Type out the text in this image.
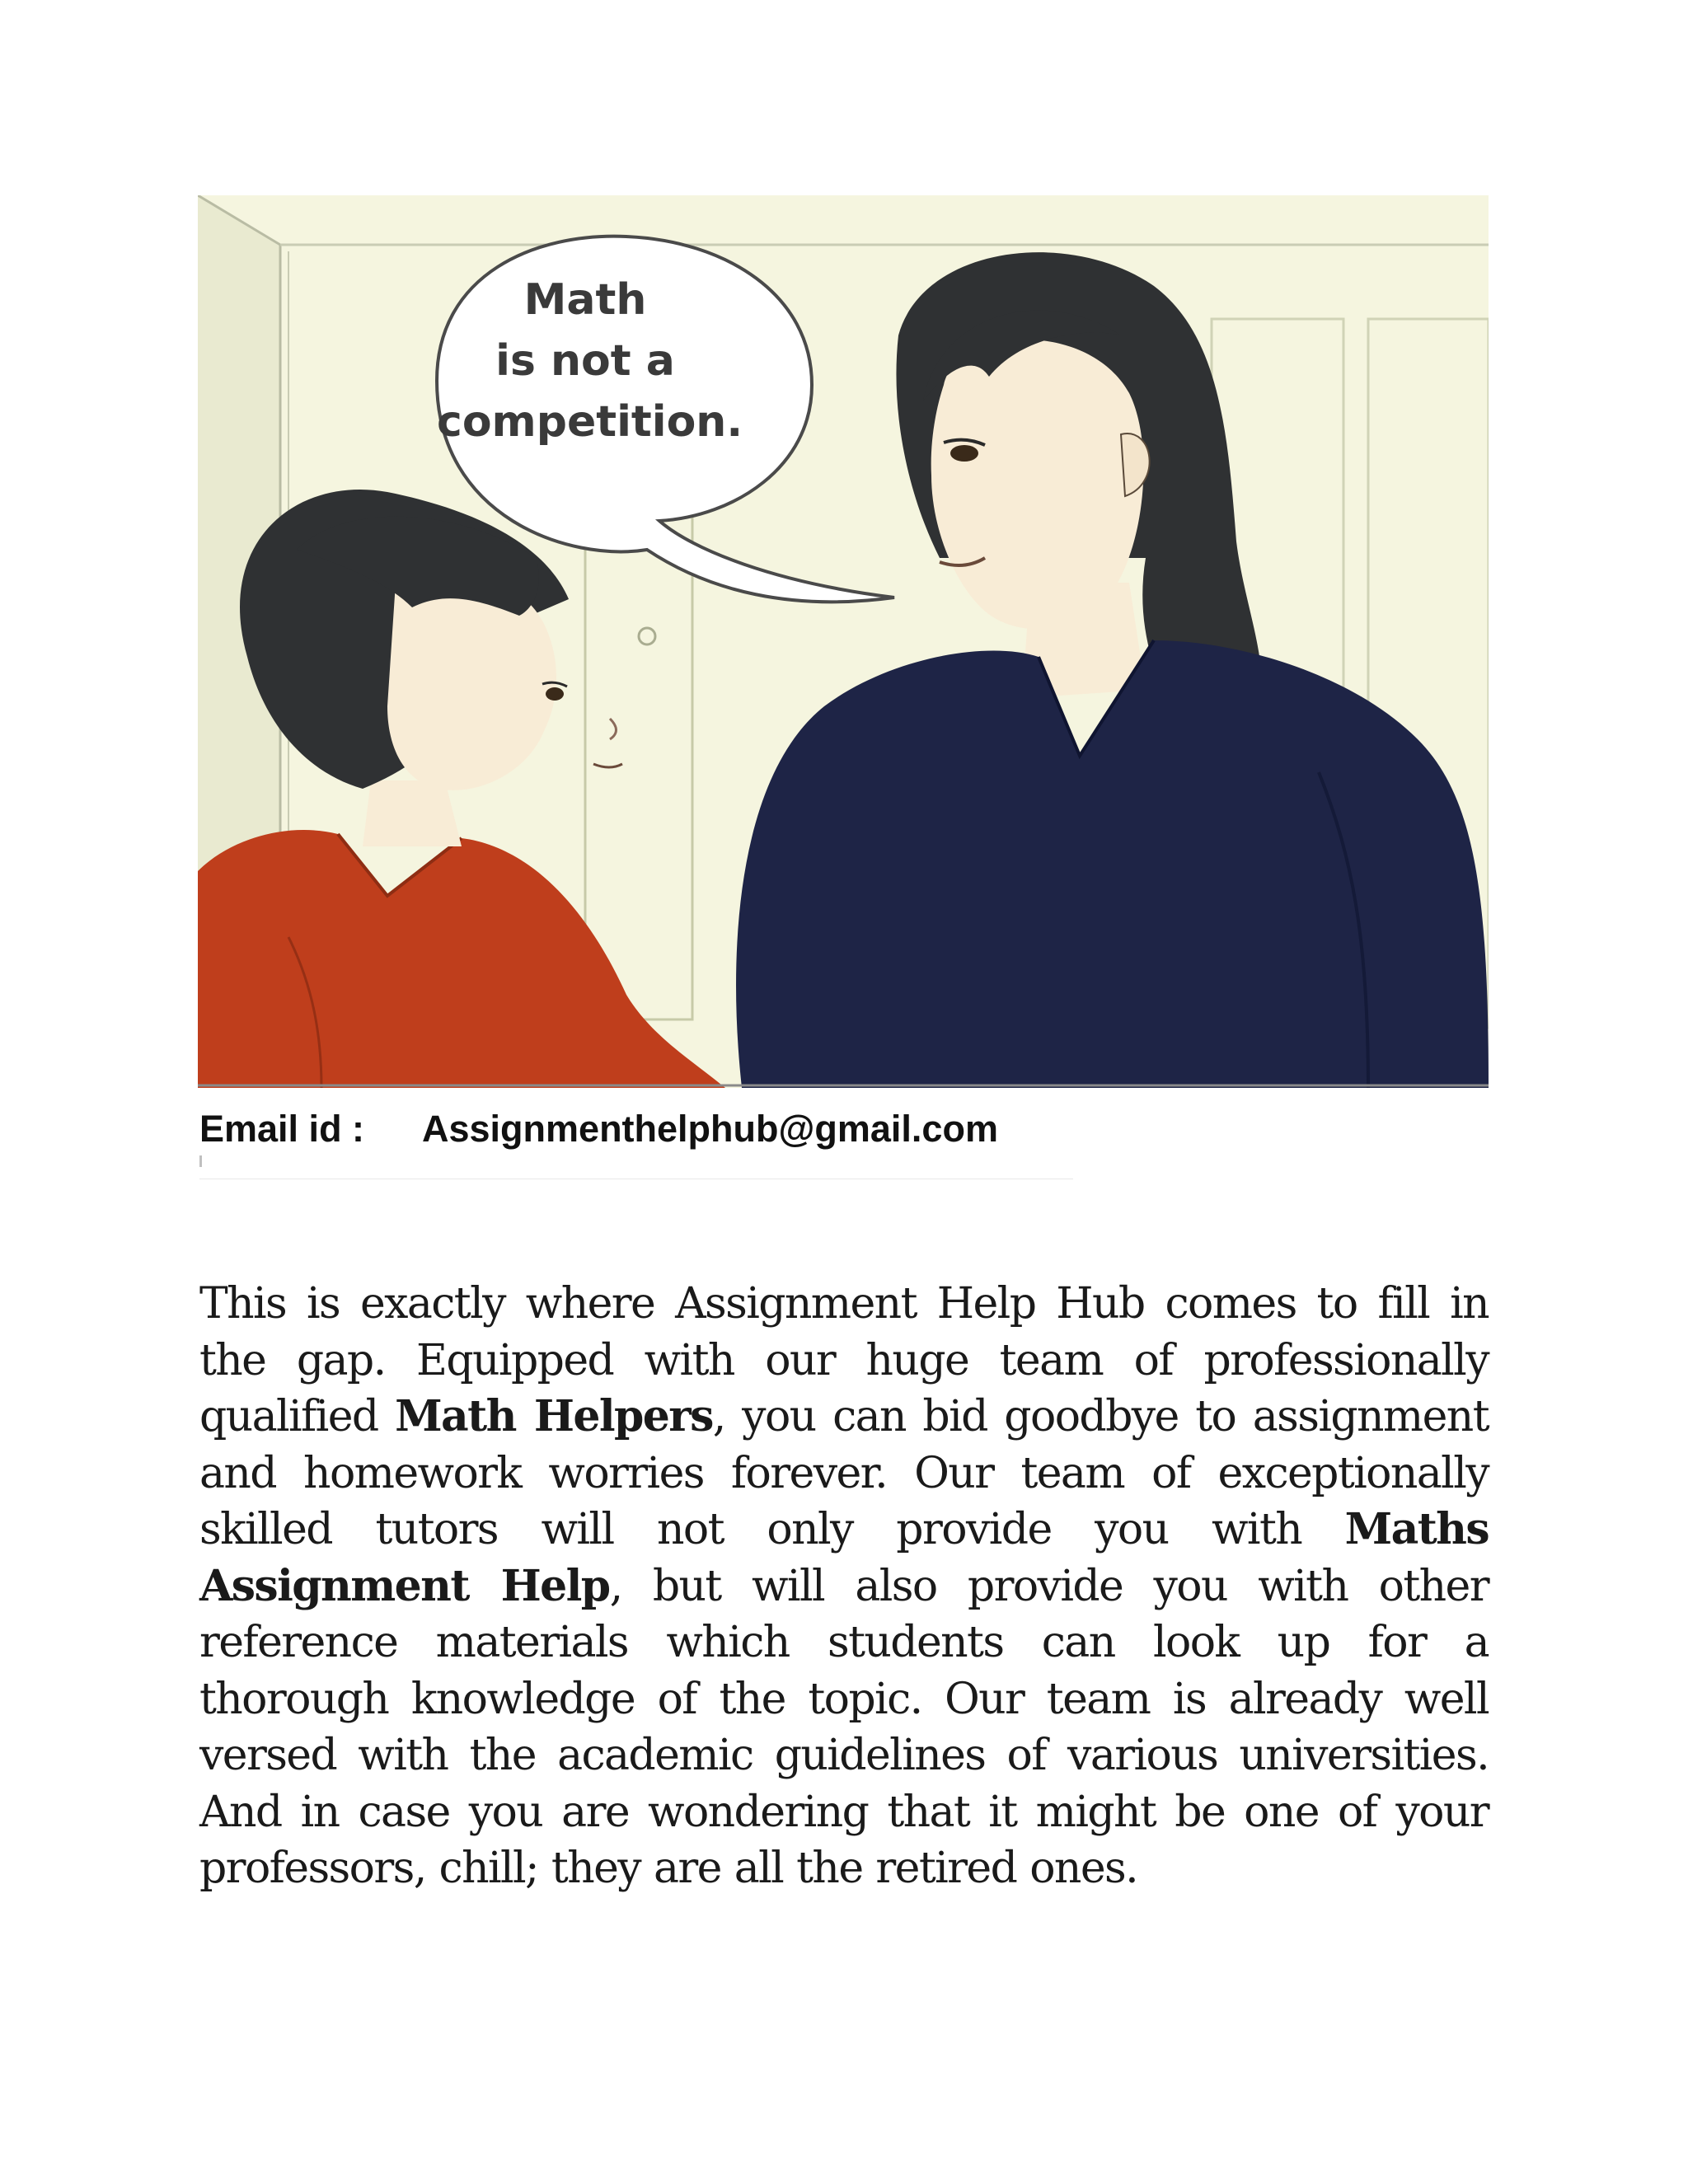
Math
is not a
competition.
Email id :	Assignmenthelphub@gmail.com

This is exactly where Assignment Help Hub comes to fill in the gap. Equipped with our huge team of professionally qualified Math Helpers, you can bid goodbye to assignment and homework worries forever. Our team of exceptionally skilled tutors will not only provide you with Maths Assignment Help, but will also provide you with other reference materials which students can look up for a thorough knowledge of the topic. Our team is already well versed with the academic guidelines of various universities. And in case you are wondering that it might be one of your professors, chill; they are all the retired ones.
